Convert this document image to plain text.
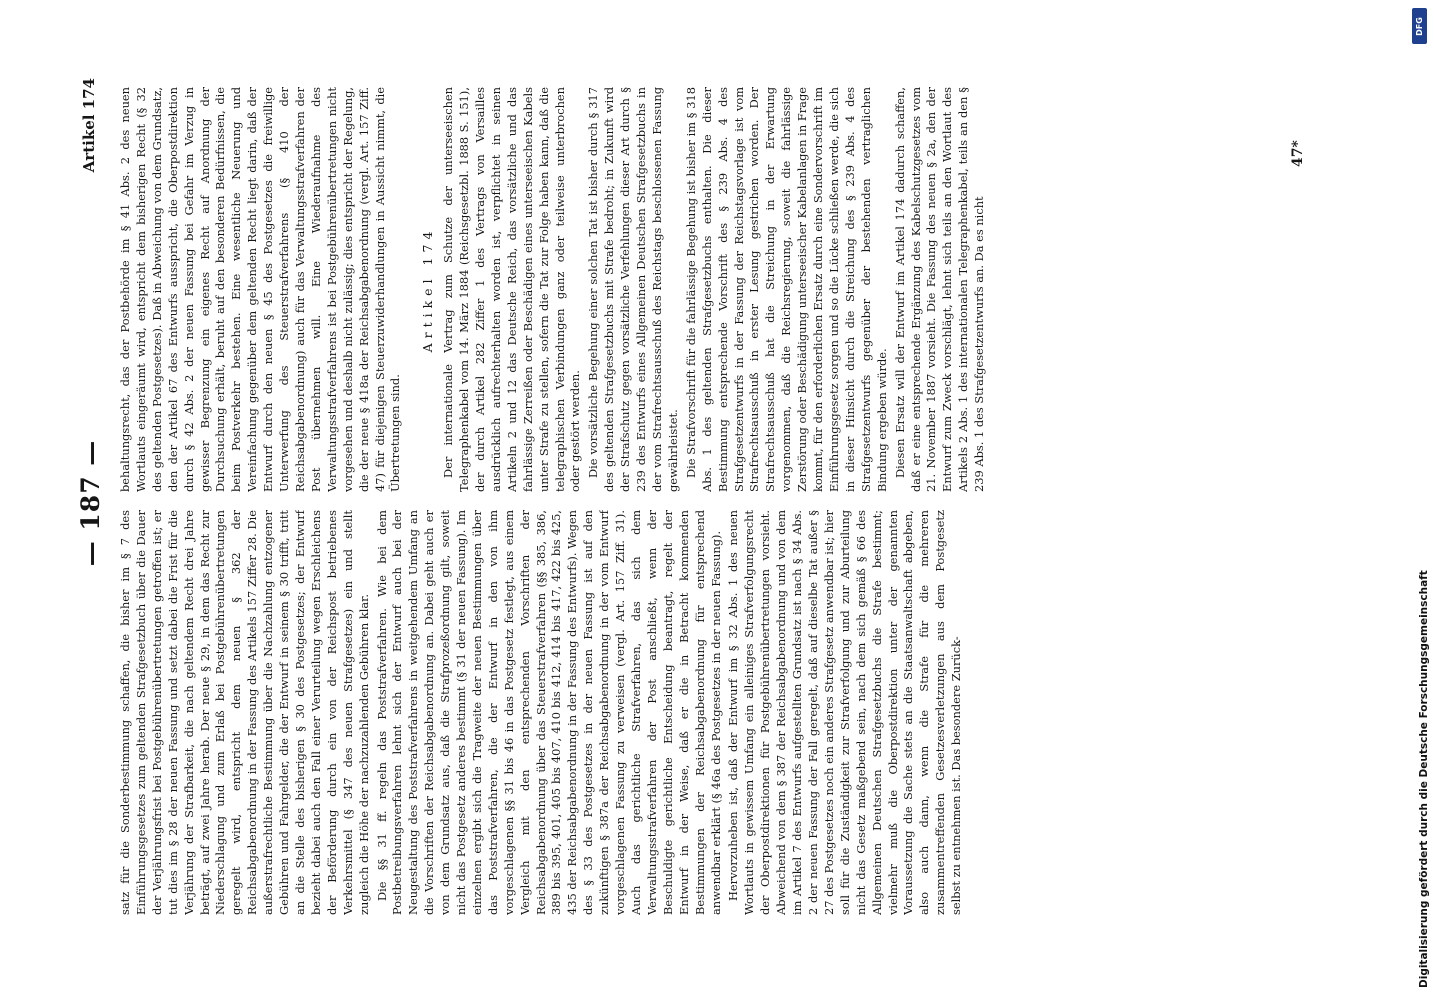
— 187 —
Artikel 174

satz für die Sonderbestimmung schaffen, die bisher im § 7 des Einführungsgesetzes zum geltenden Strafgesetzbuch über die Dauer der Verjährungsfrist bei Postgebührenübertretungen getroffen ist; er tut dies im § 28 der neuen Fassung und setzt dabei die Frist für die Verjährung der Strafbarkeit, die nach geltendem Recht drei Jahre beträgt, auf zwei Jahre herab. Der neue § 29, in dem das Recht zur Niederschlagung und zum Erlaß bei Postgebührenübertretungen geregelt wird, entspricht dem neuen § 362 der Reichsabgabenordnung in der Fassung des Artikels 157 Ziffer 28. Die außerstrafrechtliche Bestimmung über die Nachzahlung entzogener Gebühren und Fahrgelder, die der Entwurf in seinem § 30 trifft, tritt an die Stelle des bisherigen § 30 des Postgesetzes; der Entwurf bezieht dabei auch den Fall einer Verurteilung wegen Erschleichens der Beförderung durch ein von der Reichspost betriebenes Verkehrsmittel (§ 347 des neuen Strafgesetzes) ein und stellt zugleich die Höhe der nachzuzahlenden Gebühren klar. Die §§ 31 ff. regeln das Poststrafverfahren. Wie bei dem Postbetreibungsverfahren lehnt sich der Entwurf auch bei der Neugestaltung des Poststrafverfahrens in weitgehendem Umfang an die Vorschriften der Reichsabgabenordnung an. Dabei geht auch er von dem Grundsatz aus, daß die Strafprozeßordnung gilt, soweit nicht das Postgesetz anderes bestimmt (§ 31 der neuen Fassung). Im einzelnen ergibt sich die Tragweite der neuen Bestimmungen über das Poststrafverfahren, die der Entwurf in den von ihm vorgeschlagenen §§ 31 bis 46 in das Postgesetz festlegt, aus einem Vergleich mit den entsprechenden Vorschriften der Reichsabgabenordnung über das Steuerstrafverfahren (§§ 385, 386, 389 bis 395, 401, 405 bis 407, 410 bis 412, 414 bis 417, 422 bis 425, 435 der Reichsabgabenordnung in der Fassung des Entwurfs). Wegen des § 33 des Postgesetzes in der neuen Fassung ist auf den zukünftigen § 387a der Reichsabgabenordnung in der vom Entwurf vorgeschlagenen Fassung zu verweisen (vergl. Art. 157 Ziff. 31). Auch das gerichtliche Strafverfahren, das sich dem Verwaltungsstrafverfahren der Post anschließt, wenn der Beschuldigte gerichtliche Entscheidung beantragt, regelt der Entwurf in der Weise, daß er die in Betracht kommenden Bestimmungen der Reichsabgabenordnung für entsprechend anwendbar erklärt (§ 46a des Postgesetzes in der neuen Fassung). Hervorzuheben ist, daß der Entwurf im § 32 Abs. 1 des neuen Wortlauts in gewissem Umfang ein alleiniges Strafverfolgungsrecht der Oberpostdirektionen für Postgebührenübertretungen vorsieht. Abweichend von dem § 387 der Reichsabgabenordnung und von dem im Artikel 7 des Entwurfs aufgestellten Grundsatz ist nach § 34 Abs. 2 der neuen Fassung der Fall geregelt, daß auf dieselbe Tat außer § 27 des Postgesetzes noch ein anderes Strafgesetz anwendbar ist; hier soll für die Zuständigkeit zur Strafverfolgung und zur Aburteilung nicht das Gesetz maßgebend sein, nach dem sich gemäß § 66 des Allgemeinen Deutschen Strafgesetzbuchs die Strafe bestimmt; vielmehr muß die Oberpostdirektion unter der genannten Voraussetzung die Sache stets an die Staatsanwaltschaft abgeben, also auch dann, wenn die Strafe für die mehreren zusammentreffenden Gesetzesverletzungen aus dem Postgesetz selbst zu entnehmen ist. Das besondere Zurück-

behaltungsrecht, das der Postbehörde im § 41 Abs. 2 des neuen Wortlauts eingeräumt wird, entspricht dem bisherigen Recht (§ 32 des geltenden Postgesetzes). Daß in Abweichung von dem Grundsatz, den der Artikel 67 des Entwurfs ausspricht, die Oberpostdirektion durch § 42 Abs. 2 der neuen Fassung bei Gefahr im Verzug in gewisser Begrenzung ein eigenes Recht auf Anordnung der Durchsuchung erhält, beruht auf den besonderen Bedürfnissen, die beim Postverkehr bestehen. Eine wesentliche Neuerung und Vereinfachung gegenüber dem geltenden Recht liegt darin, daß der Entwurf durch den neuen § 45 des Postgesetzes die freiwillige Unterwerfung des Steuerstrafverfahrens (§ 410 der Reichsabgabenordnung) auch für das Verwaltungsstrafverfahren der Post übernehmen will. Eine Wiederaufnahme des Verwaltungsstrafverfahrens ist bei Postgebührenübertretungen nicht vorgesehen und deshalb nicht zulässig; dies entspricht der Regelung, die der neue § 418a der Reichsabgabenordnung (vergl. Art. 157 Ziff. 47) für diejenigen Steuerzuwiderhandlungen in Aussicht nimmt, die Übertretungen sind.

Artikel 174 Der internationale Vertrag zum Schutze der unterseeischen Telegraphenkabel vom 14. März 1884 (Reichsgesetzbl. 1888 S. 151), der durch Artikel 282 Ziffer 1 des Vertrags von Versailles ausdrücklich aufrechterhalten worden ist, verpflichtet in seinen Artikeln 2 und 12 das Deutsche Reich, das vorsätzliche und das fahrlässige Zerreißen oder Beschädigen eines unterseeischen Kabels unter Strafe zu stellen, sofern die Tat zur Folge haben kann, daß die telegraphischen Verbindungen ganz oder teilweise unterbrochen oder gestört werden. Die vorsätzliche Begehung einer solchen Tat ist bisher durch § 317 des geltenden Strafgesetzbuchs mit Strafe bedroht; in Zukunft wird der Strafschutz gegen vorsätzliche Verfehlungen dieser Art durch § 239 des Entwurfs eines Allgemeinen Deutschen Strafgesetzbuchs in der vom Strafrechtsausschuß des Reichstags beschlossenen Fassung gewährleistet. Die Strafvorschrift für die fahrlässige Begehung ist bisher im § 318 Abs. 1 des geltenden Strafgesetzbuchs enthalten. Die dieser Bestimmung entsprechende Vorschrift des § 239 Abs. 4 des Strafgesetzentwurfs in der Fassung der Reichstagsvorlage ist vom Strafrechtsausschuß in erster Lesung gestrichen worden. Der Strafrechtsausschuß hat die Streichung in der Erwartung vorgenommen, daß die Reichsregierung, soweit die fahrlässige Zerstörung oder Beschädigung unterseeischer Kabelanlagen in Frage kommt, für den erforderlichen Ersatz durch eine Sondervorschrift im Einführungsgesetz sorgen und so die Lücke schließen werde, die sich in dieser Hinsicht durch die Streichung des § 239 Abs. 4 des Strafgesetzentwurfs gegenüber der bestehenden vertraglichen Bindung ergeben würde. Diesen Ersatz will der Entwurf im Artikel 174 dadurch schaffen, daß er eine entsprechende Ergänzung des Kabelschutzgesetzes vom 21. November 1887 vorsieht. Die Fassung des neuen § 2a, den der Entwurf zum Zweck vorschlägt, lehnt sich teils an den Wortlaut des Artikels 2 Abs. 1 des internationalen Telegraphenkabel, teils an den § 239 Abs. 1 des Strafgesetzentwurfs an. Da es nicht

47*
Digitalisierung gefördert durch die Deutsche Forschungsgemeinschaft
DFG
